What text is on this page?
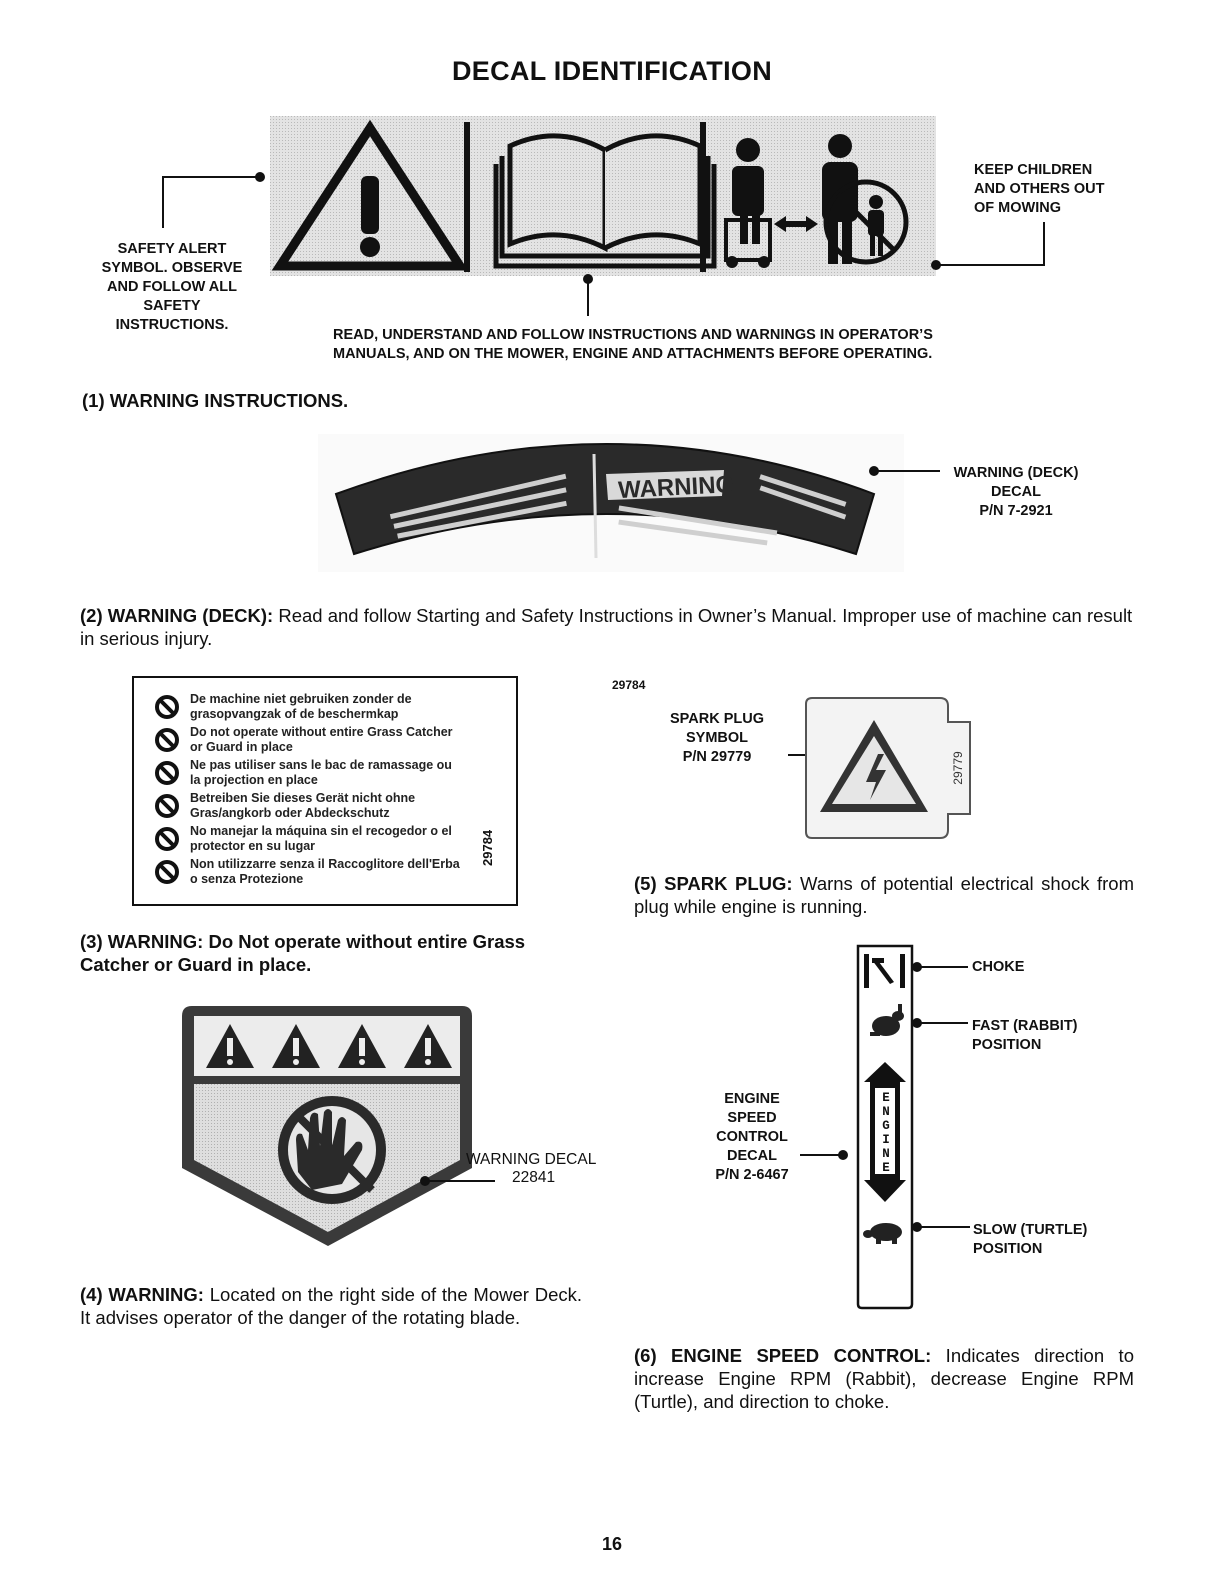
DECAL IDENTIFICATION
SAFETY ALERT
SYMBOL. OBSERVE
AND FOLLOW ALL
SAFETY
INSTRUCTIONS.
KEEP CHILDREN
AND OTHERS OUT
OF MOWING
READ, UNDERSTAND AND FOLLOW INSTRUCTIONS AND WARNINGS IN OPERATOR’S
MANUALS, AND ON THE MOWER, ENGINE AND ATTACHMENTS BEFORE OPERATING.
(1) WARNING INSTRUCTIONS.
WARNING	WARNING (DECK)
DECAL
P/N 7-2921
(2) WARNING (DECK): Read and follow Starting and Safety Instructions in Owner’s Manual. Improper use of machine can result in serious injury.
De machine niet gebruiken zonder de
grasopvangzak of de beschermkap
Do not operate without entire Grass Catcher
or Guard in place
Ne pas utiliser sans le bac de ramassage ou
la projection en place
Betreiben Sie dieses Gerät nicht ohne
Gras/angkorb oder Abdeckschutz
No manejar la máquina sin el recogedor o el
protector en su lugar
Non utilizzarre senza il Raccoglitore dell'Erba
o senza Protezione
29784
29784
(3) WARNING: Do Not operate without entire Grass Catcher or Guard in place.
WARNING DECAL
22841
(4) WARNING: Located on the right side of the Mower Deck. It advises operator of the danger of the rotating blade.
SPARK PLUG
SYMBOL
P/N 29779	29779
(5) SPARK PLUG: Warns of potential electrical shock from plug while engine is running.
E
N
G
I
N
E
CHOKE
FAST (RABBIT)
POSITION
SLOW (TURTLE)
POSITION
ENGINE
SPEED
CONTROL
DECAL
P/N 2-6467
(6) ENGINE SPEED CONTROL: Indicates direction to increase Engine RPM (Rabbit), decrease Engine RPM (Turtle), and direction to choke.
16
